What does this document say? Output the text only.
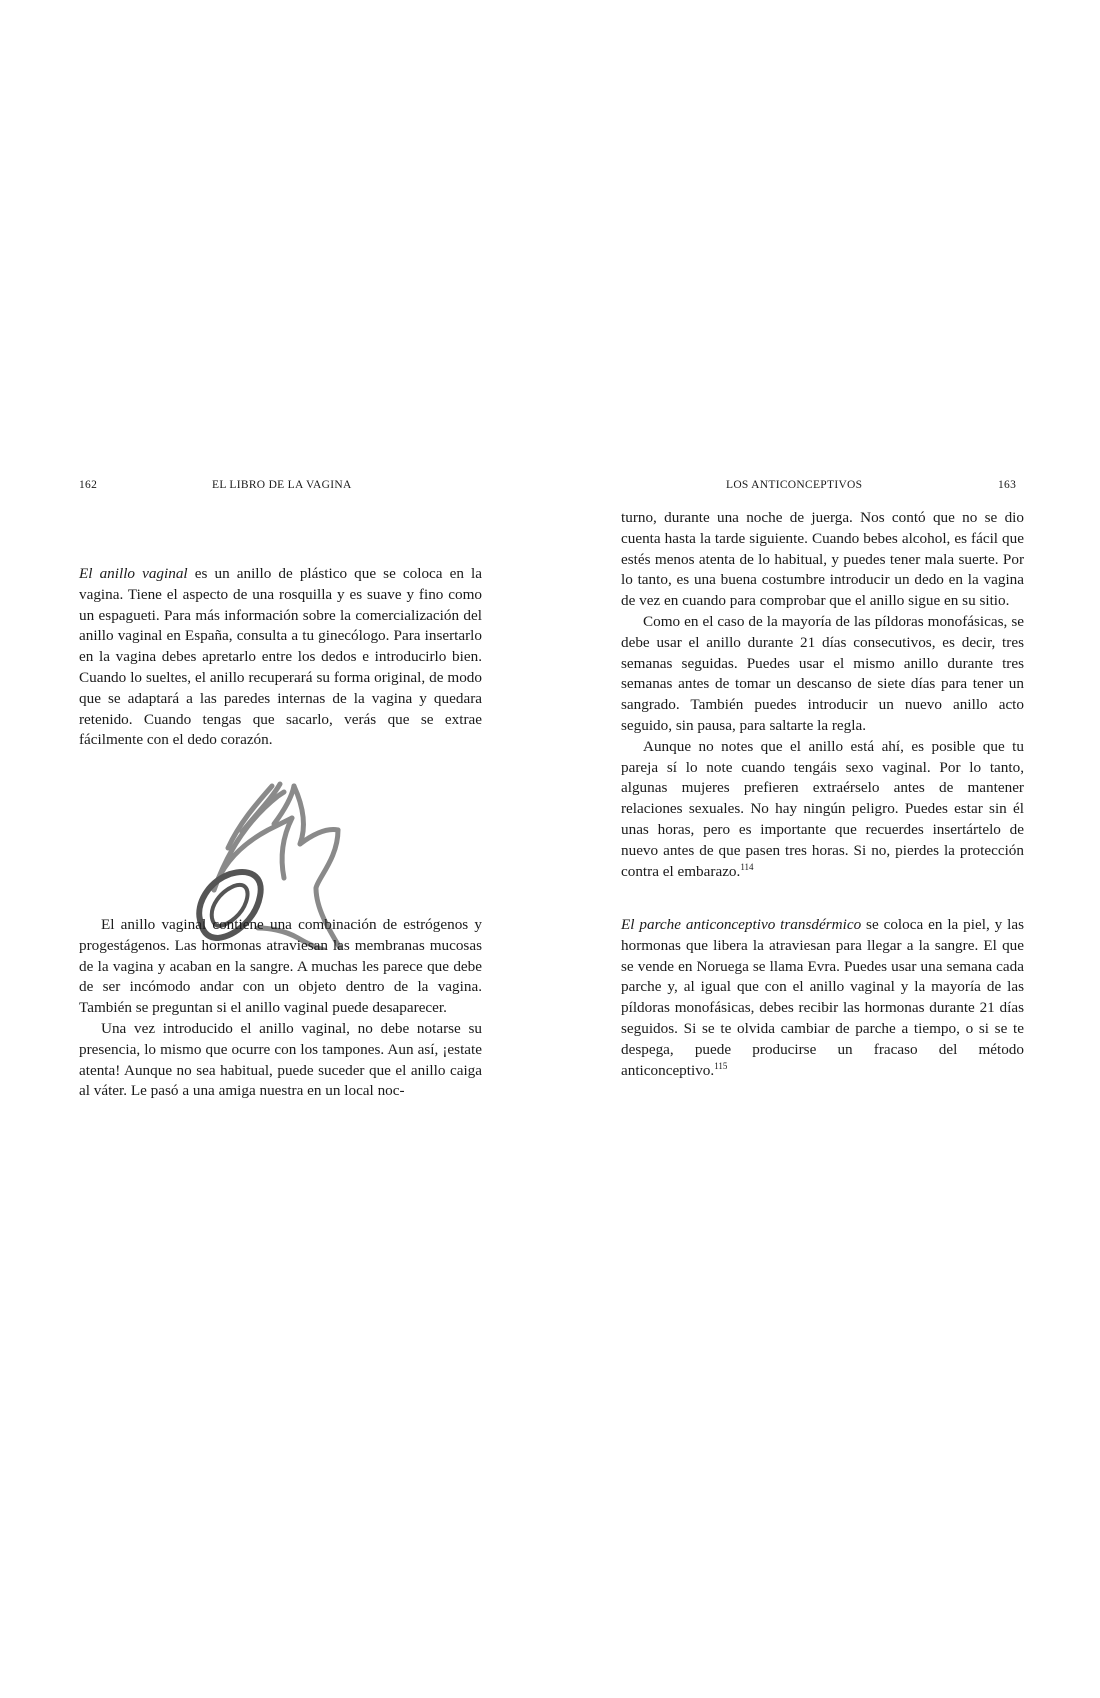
162	EL LIBRO DE LA VAGINA

El anillo vaginal es un anillo de plástico que se coloca en la vagina. Tiene el aspecto de una rosquilla y es suave y fino como un espagueti. Para más información sobre la comercialización del anillo vaginal en España, consulta a tu ginecólogo. Para insertarlo en la vagina debes apretarlo entre los dedos e introducirlo bien. Cuando lo sueltes, el anillo recuperará su forma original, de modo que se adaptará a las paredes internas de la vagina y quedara retenido. Cuando tengas que sacarlo, verás que se extrae fácilmente con el dedo corazón.

El anillo vaginal contiene una combinación de estrógenos y progestágenos. Las hormonas atraviesan las membranas mucosas de la vagina y acaban en la sangre. A muchas les parece que debe de ser incómodo andar con un objeto dentro de la vagina. También se preguntan si el anillo vaginal puede desaparecer.

Una vez introducido el anillo vaginal, no debe notarse su presencia, lo mismo que ocurre con los tampones. Aun así, ¡estate atenta! Aunque no sea habitual, puede suceder que el anillo caiga al váter. Le pasó a una amiga nuestra en un local noc-

LOS ANTICONCEPTIVOS	163

turno, durante una noche de juerga. Nos contó que no se dio cuenta hasta la tarde siguiente. Cuando bebes alcohol, es fácil que estés menos atenta de lo habitual, y puedes tener mala suerte. Por lo tanto, es una buena costumbre introducir un dedo en la vagina de vez en cuando para comprobar que el anillo sigue en su sitio.

Como en el caso de la mayoría de las píldoras monofásicas, se debe usar el anillo durante 21 días consecutivos, es decir, tres semanas seguidas. Puedes usar el mismo anillo durante tres semanas antes de tomar un descanso de siete días para tener un sangrado. También puedes introducir un nuevo anillo acto seguido, sin pausa, para saltarte la regla.

Aunque no notes que el anillo está ahí, es posible que tu pareja sí lo note cuando tengáis sexo vaginal. Por lo tanto, algunas mujeres prefieren extraérselo antes de mantener relaciones sexuales. No hay ningún peligro. Puedes estar sin él unas horas, pero es importante que recuerdes insertártelo de nuevo antes de que pasen tres horas. Si no, pierdes la protección contra el embarazo.$^{114}$

El parche anticonceptivo transdérmico se coloca en la piel, y las hormonas que libera la atraviesan para llegar a la sangre. El que se vende en Noruega se llama Evra. Puedes usar una semana cada parche y, al igual que con el anillo vaginal y la mayoría de las píldoras monofásicas, debes recibir las hormonas durante 21 días seguidos. Si se te olvida cambiar de parche a tiempo, o si se te despega, puede producirse un fracaso del método anticonceptivo.$^{115}$
